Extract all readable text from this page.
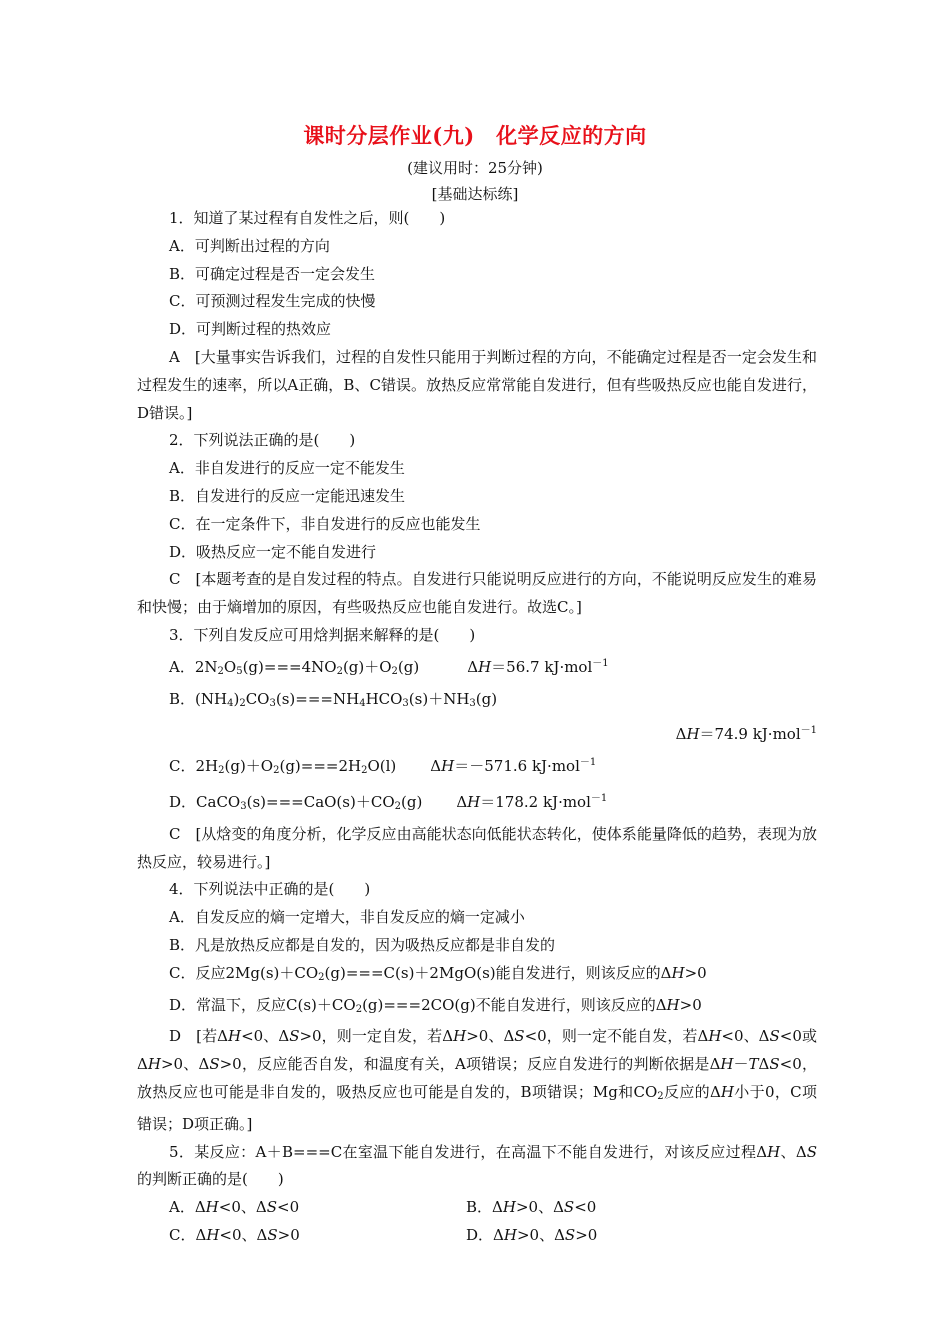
课时分层作业(九)　化学反应的方向
(建议用时：25分钟)
[基础达标练]
1．知道了某过程有自发性之后，则(　　)
A．可判断出过程的方向
B．可确定过程是否一定会发生
C．可预测过程发生完成的快慢
D．可判断过程的热效应
A　[大量事实告诉我们，过程的自发性只能用于判断过程的方向，不能确定过程是否一定会发生和过程发生的速率，所以A正确，B、C错误。放热反应常常能自发进行，但有些吸热反应也能自发进行，D错误。]
2．下列说法正确的是(　　)
A．非自发进行的反应一定不能发生
B．自发进行的反应一定能迅速发生
C．在一定条件下，非自发进行的反应也能发生
D．吸热反应一定不能自发进行
C　[本题考查的是自发过程的特点。自发进行只能说明反应进行的方向，不能说明反应发生的难易和快慢；由于熵增加的原因，有些吸热反应也能自发进行。故选C。]
3．下列自发反应可用焓判据来解释的是(　　)
A．$2N_2O_5(g)===4NO_2(g)+O_2(g)$	ΔH＝56.7 kJ·mol$^{-1}$
B．$(NH_4)_2CO_3(s)===NH_4HCO_3(s)+NH_3(g)$
ΔH＝74.9 kJ·mol$^{-1}$
C．$2H_2(g)+O_2(g)===2H_2O(l)$ ΔH＝－571.6 kJ·mol$^{-1}$
D．$CaCO_3(s)===CaO(s)+CO_2(g)$ ΔH＝178.2 kJ·mol$^{-1}$
C　[从焓变的角度分析，化学反应由高能状态向低能状态转化，使体系能量降低的趋势，表现为放热反应，较易进行。]
4．下列说法中正确的是(　　)
A．自发反应的熵一定增大，非自发反应的熵一定减小
B．凡是放热反应都是自发的，因为吸热反应都是非自发的
C．反应$2Mg(s)+CO_2(g)===C(s)+2MgO(s)$能自发进行，则该反应的ΔH>0
D．常温下，反应$C(s)+CO_2(g)===2CO(g)$不能自发进行，则该反应的ΔH>0
D　[若ΔH<0、ΔS>0，则一定自发，若ΔH>0、ΔS<0，则一定不能自发，若ΔH<0、ΔS<0或ΔH>0、ΔS>0，反应能否自发，和温度有关，A项错误；反应自发进行的判断依据是ΔH－TΔS<0，放热反应也可能是非自发的，吸热反应也可能是自发的，B项错误；Mg和$CO_2$反应的ΔH小于0，C项错误；D项正确。]
5．某反应：A＋B===C在室温下能自发进行，在高温下不能自发进行，对该反应过程ΔH、ΔS的判断正确的是(　　)
A．ΔH<0、ΔS<0	B．ΔH>0、ΔS<0
C．ΔH<0、ΔS>0	D．ΔH>0、ΔS>0
